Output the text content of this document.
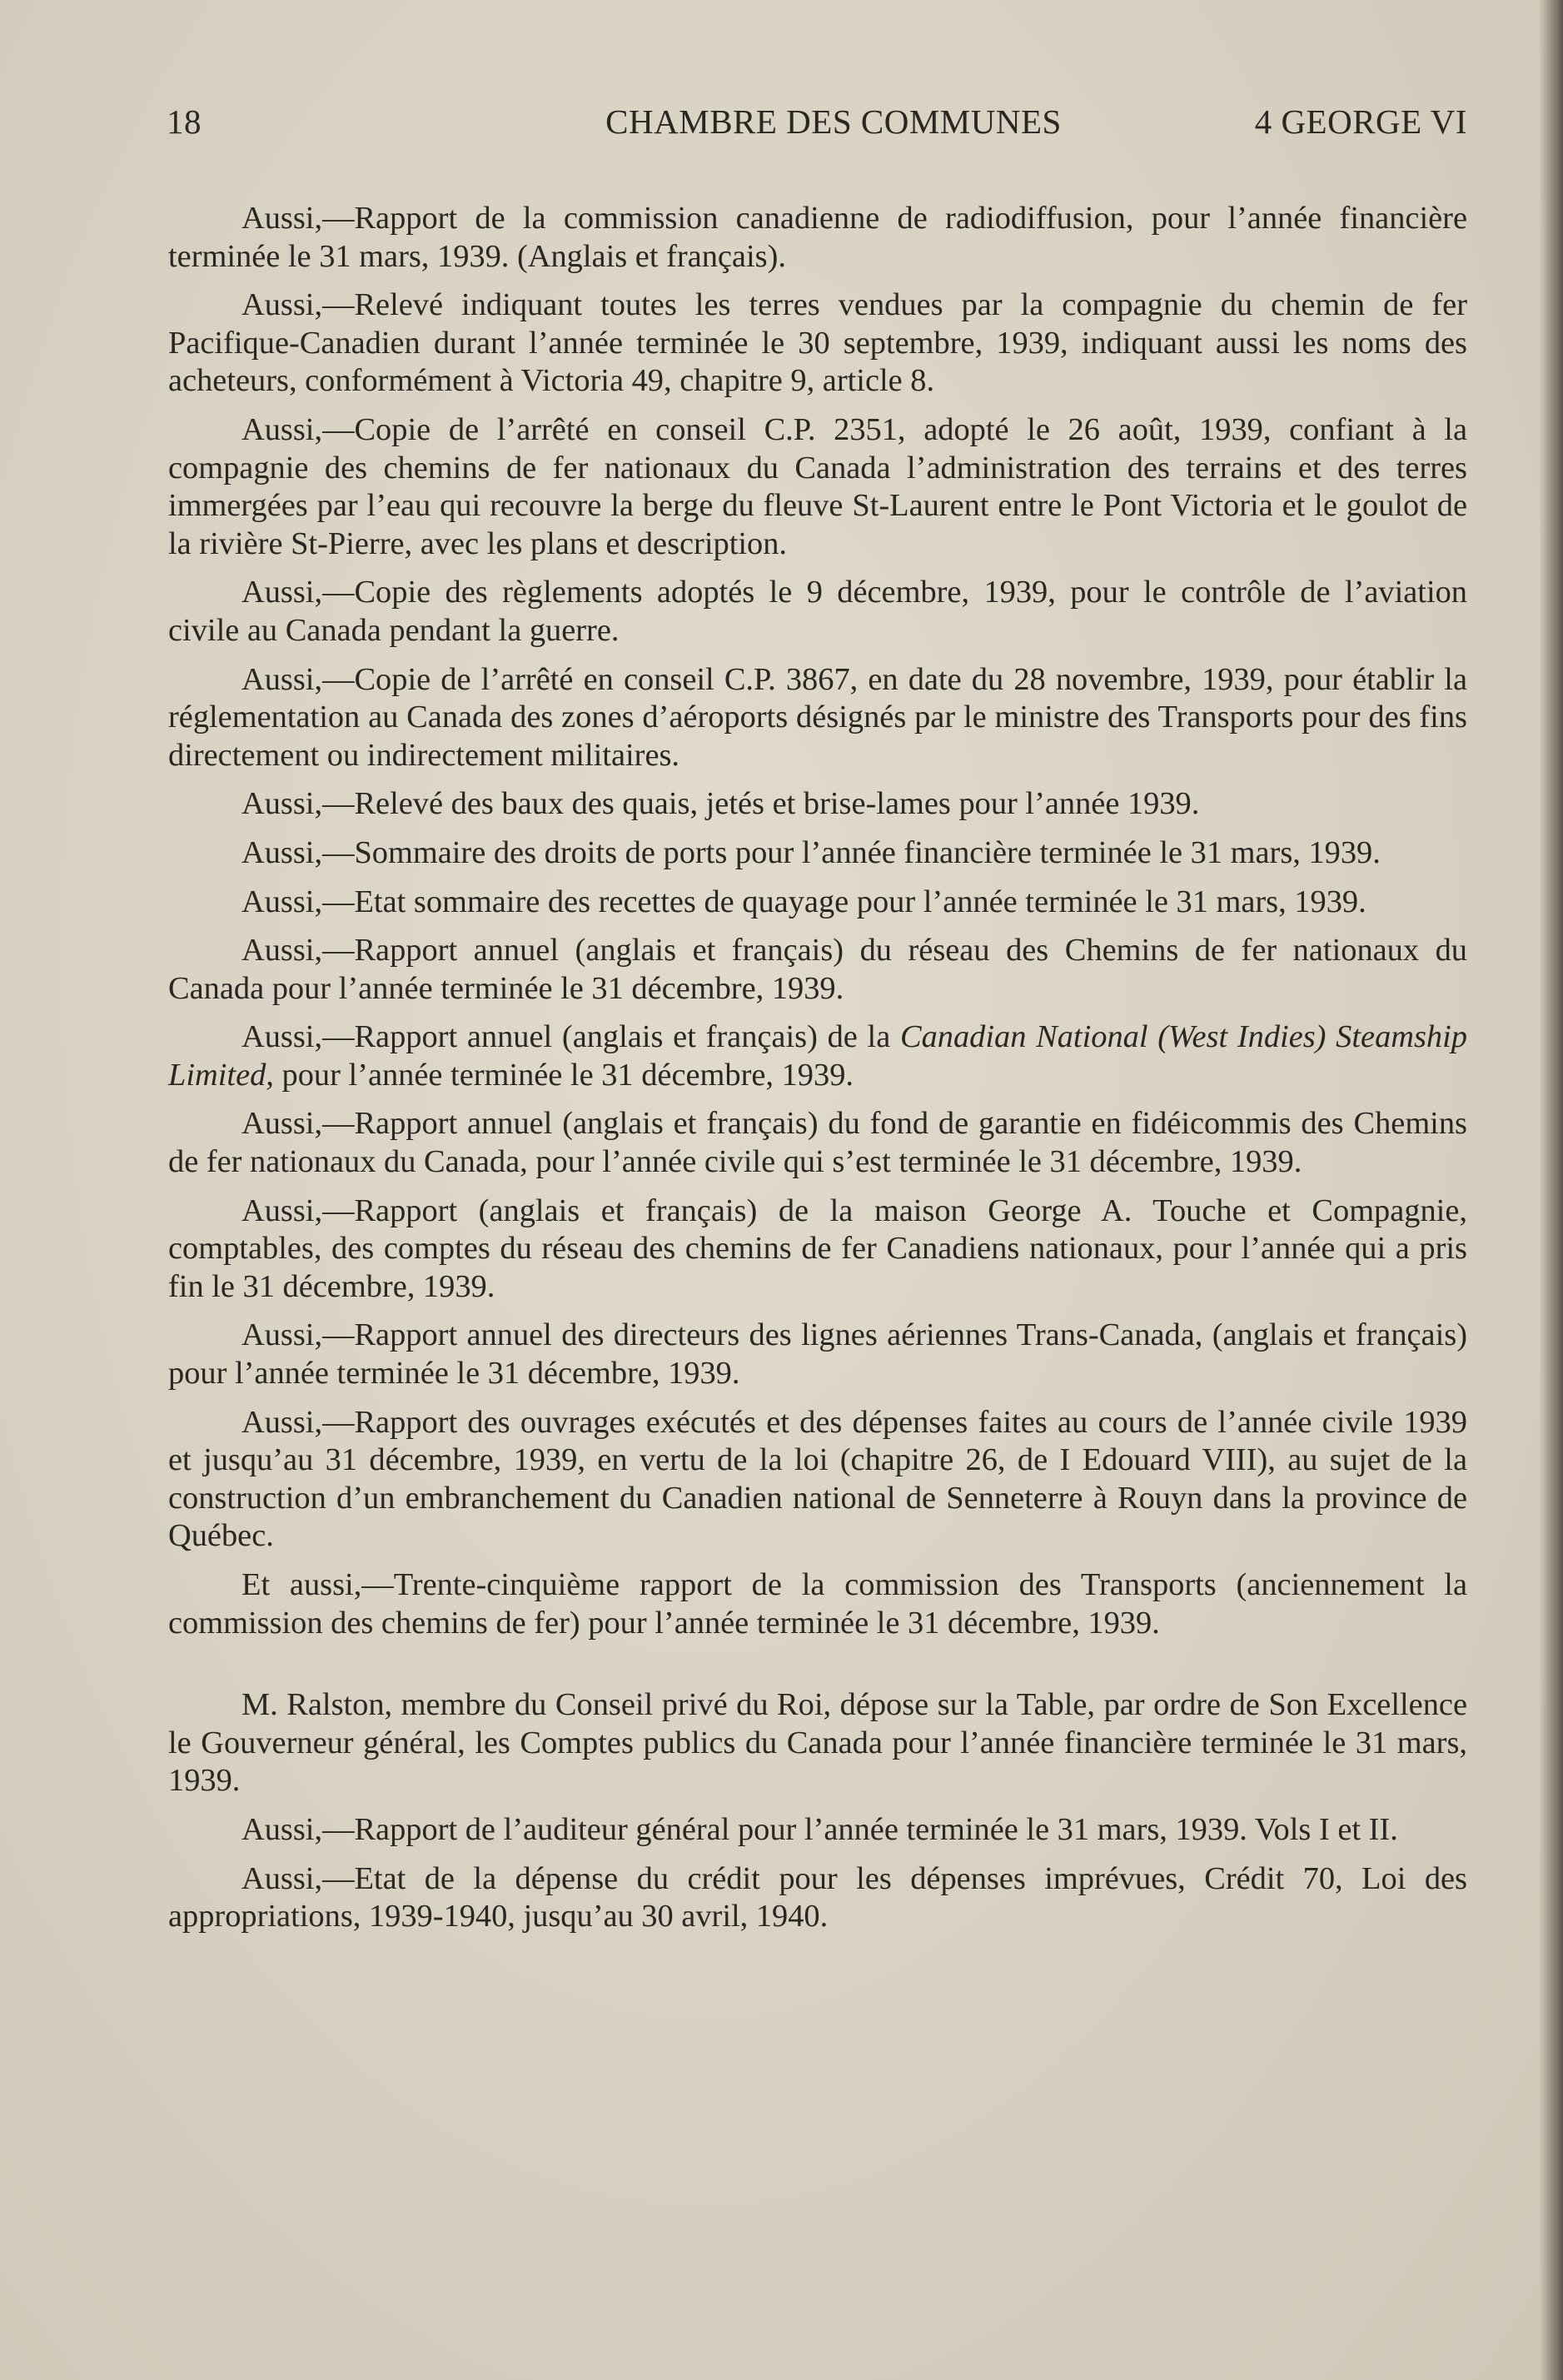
18	CHAMBRE DES COMMUNES	4 GEORGE VI

Aussi,—Rapport de la commission canadienne de radiodiffusion, pour l’année financière terminée le 31 mars, 1939. (Anglais et français).

Aussi,—Relevé indiquant toutes les terres vendues par la compagnie du chemin de fer Pacifique-Canadien durant l’année terminée le 30 septembre, 1939, indiquant aussi les noms des acheteurs, conformément à Victoria 49, chapitre 9, article 8.

Aussi,—Copie de l’arrêté en conseil C.P. 2351, adopté le 26 août, 1939, confiant à la compagnie des chemins de fer nationaux du Canada l’administration des terrains et des terres immergées par l’eau qui recouvre la berge du fleuve St-Laurent entre le Pont Victoria et le goulot de la rivière St-Pierre, avec les plans et description.

Aussi,—Copie des règlements adoptés le 9 décembre, 1939, pour le contrôle de l’aviation civile au Canada pendant la guerre.

Aussi,—Copie de l’arrêté en conseil C.P. 3867, en date du 28 novembre, 1939, pour établir la réglementation au Canada des zones d’aéroports désignés par le ministre des Transports pour des fins directement ou indirectement militaires.

Aussi,—Relevé des baux des quais, jetés et brise-lames pour l’année 1939.

Aussi,—Sommaire des droits de ports pour l’année financière terminée le 31 mars, 1939.

Aussi,—Etat sommaire des recettes de quayage pour l’année terminée le 31 mars, 1939.

Aussi,—Rapport annuel (anglais et français) du réseau des Chemins de fer nationaux du Canada pour l’année terminée le 31 décembre, 1939.

Aussi,—Rapport annuel (anglais et français) de la Canadian National (West Indies) Steamship Limited, pour l’année terminée le 31 décembre, 1939.

Aussi,—Rapport annuel (anglais et français) du fond de garantie en fidéicommis des Chemins de fer nationaux du Canada, pour l’année civile qui s’est terminée le 31 décembre, 1939.

Aussi,—Rapport (anglais et français) de la maison George A. Touche et Compagnie, comptables, des comptes du réseau des chemins de fer Canadiens nationaux, pour l’année qui a pris fin le 31 décembre, 1939.

Aussi,—Rapport annuel des directeurs des lignes aériennes Trans-Canada, (anglais et français) pour l’année terminée le 31 décembre, 1939.

Aussi,—Rapport des ouvrages exécutés et des dépenses faites au cours de l’année civile 1939 et jusqu’au 31 décembre, 1939, en vertu de la loi (chapitre 26, de I Edouard VIII), au sujet de la construction d’un embranchement du Canadien national de Senneterre à Rouyn dans la province de Québec.

Et aussi,—Trente-cinquième rapport de la commission des Transports (anciennement la commission des chemins de fer) pour l’année terminée le 31 décembre, 1939.

M. Ralston, membre du Conseil privé du Roi, dépose sur la Table, par ordre de Son Excellence le Gouverneur général, les Comptes publics du Canada pour l’année financière terminée le 31 mars, 1939.

Aussi,—Rapport de l’auditeur général pour l’année terminée le 31 mars, 1939. Vols I et II.

Aussi,—Etat de la dépense du crédit pour les dépenses imprévues, Crédit 70, Loi des appropriations, 1939-1940, jusqu’au 30 avril, 1940.
